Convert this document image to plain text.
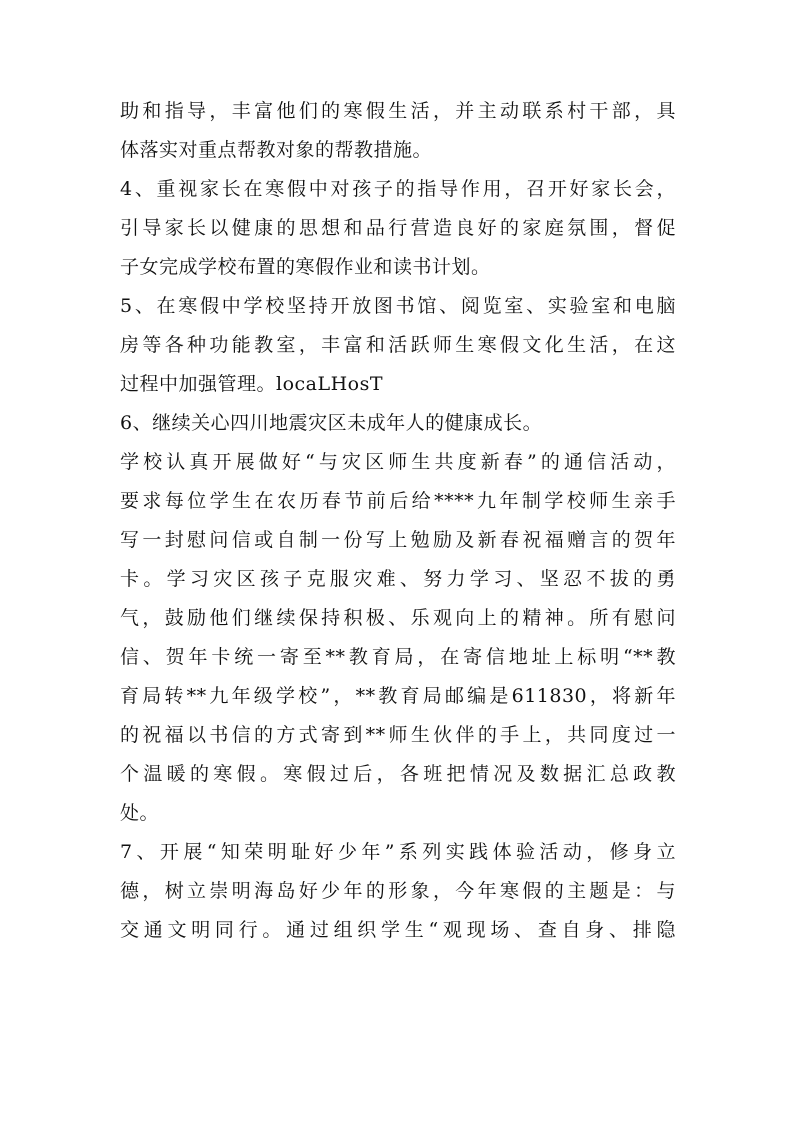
助和指导，丰富他们的寒假生活，并主动联系村干部，具
体落实对重点帮教对象的帮教措施。
4、重视家长在寒假中对孩子的指导作用，召开好家长会，
引导家长以健康的思想和品行营造良好的家庭氛围，督促
子女完成学校布置的寒假作业和读书计划。
5、在寒假中学校坚持开放图书馆、阅览室、实验室和电脑
房等各种功能教室，丰富和活跃师生寒假文化生活，在这
过程中加强管理。locaLHosT
6、继续关心四川地震灾区未成年人的健康成长。
学校认真开展做好“与灾区师生共度新春”的通信活动，
要求每位学生在农历春节前后给****九年制学校师生亲手
写一封慰问信或自制一份写上勉励及新春祝福赠言的贺年
卡。学习灾区孩子克服灾难、努力学习、坚忍不拔的勇
气，鼓励他们继续保持积极、乐观向上的精神。所有慰问
信、贺年卡统一寄至**教育局，在寄信地址上标明“**教
育局转**九年级学校”，**教育局邮编是611830，将新年
的祝福以书信的方式寄到**师生伙伴的手上，共同度过一
个温暖的寒假。寒假过后，各班把情况及数据汇总政教
处。
7、开展“知荣明耻好少年”系列实践体验活动，修身立
德，树立崇明海岛好少年的形象，今年寒假的主题是：与
交通文明同行。通过组织学生“观现场、查自身、排隐
